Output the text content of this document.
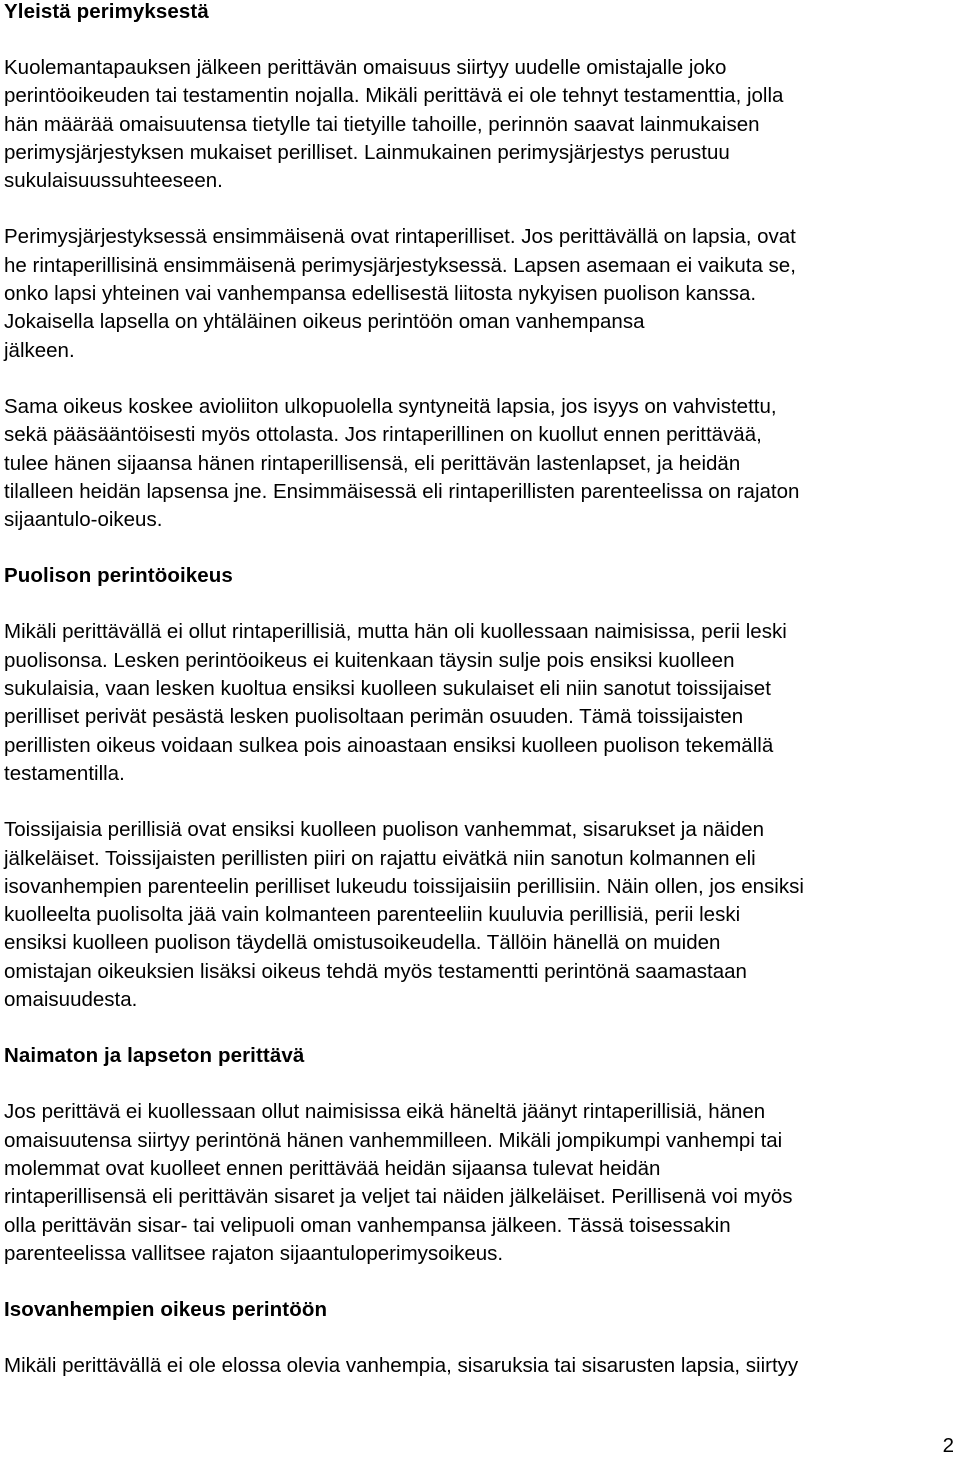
Yleistä perimyksestä

Kuolemantapauksen jälkeen perittävän omaisuus siirtyy uudelle omistajalle joko
perintöoikeuden tai testamentin nojalla. Mikäli perittävä ei ole tehnyt testamenttia, jolla
hän määrää omaisuutensa tietylle tai tietyille tahoille, perinnön saavat lainmukaisen
perimysjärjestyksen mukaiset perilliset. Lainmukainen perimysjärjestys perustuu
sukulaisuussuhteeseen.

Perimysjärjestyksessä ensimmäisenä ovat rintaperilliset. Jos perittävällä on lapsia, ovat
he rintaperillisinä ensimmäisenä perimysjärjestyksessä. Lapsen asemaan ei vaikuta se,
onko lapsi yhteinen vai vanhempansa edellisestä liitosta nykyisen puolison kanssa.
Jokaisella lapsella on yhtäläinen oikeus perintöön oman vanhempansa
jälkeen.

Sama oikeus koskee avioliiton ulkopuolella syntyneitä lapsia, jos isyys on vahvistettu,
sekä pääsääntöisesti myös ottolasta. Jos rintaperillinen on kuollut ennen perittävää,
tulee hänen sijaansa hänen rintaperillisensä, eli perittävän lastenlapset, ja heidän
tilalleen heidän lapsensa jne. Ensimmäisessä eli rintaperillisten parenteelissa on rajaton
sijaantulo-oikeus.

Puolison perintöoikeus

Mikäli perittävällä ei ollut rintaperillisiä, mutta hän oli kuollessaan naimisissa, perii leski
puolisonsa. Lesken perintöoikeus ei kuitenkaan täysin sulje pois ensiksi kuolleen
sukulaisia, vaan lesken kuoltua ensiksi kuolleen sukulaiset eli niin sanotut toissijaiset
perilliset perivät pesästä lesken puolisoltaan perimän osuuden. Tämä toissijaisten
perillisten oikeus voidaan sulkea pois ainoastaan ensiksi kuolleen puolison tekemällä
testamentilla.

Toissijaisia perillisiä ovat ensiksi kuolleen puolison vanhemmat, sisarukset ja näiden
jälkeläiset. Toissijaisten perillisten piiri on rajattu eivätkä niin sanotun kolmannen eli
isovanhempien parenteelin perilliset lukeudu toissijaisiin perillisiin. Näin ollen, jos ensiksi
kuolleelta puolisolta jää vain kolmanteen parenteeliin kuuluvia perillisiä, perii leski
ensiksi kuolleen puolison täydellä omistusoikeudella. Tällöin hänellä on muiden
omistajan oikeuksien lisäksi oikeus tehdä myös testamentti perintönä saamastaan
omaisuudesta.

Naimaton ja lapseton perittävä

Jos perittävä ei kuollessaan ollut naimisissa eikä häneltä jäänyt rintaperillisiä, hänen
omaisuutensa siirtyy perintönä hänen vanhemmilleen. Mikäli jompikumpi vanhempi tai
molemmat ovat kuolleet ennen perittävää heidän sijaansa tulevat heidän
rintaperillisensä eli perittävän sisaret ja veljet tai näiden jälkeläiset. Perillisenä voi myös
olla perittävän sisar- tai velipuoli oman vanhempansa jälkeen. Tässä toisessakin
parenteelissa vallitsee rajaton sijaantuloperimysoikeus.

Isovanhempien oikeus perintöön

Mikäli perittävällä ei ole elossa olevia vanhempia, sisaruksia tai sisarusten lapsia, siirtyy

2
